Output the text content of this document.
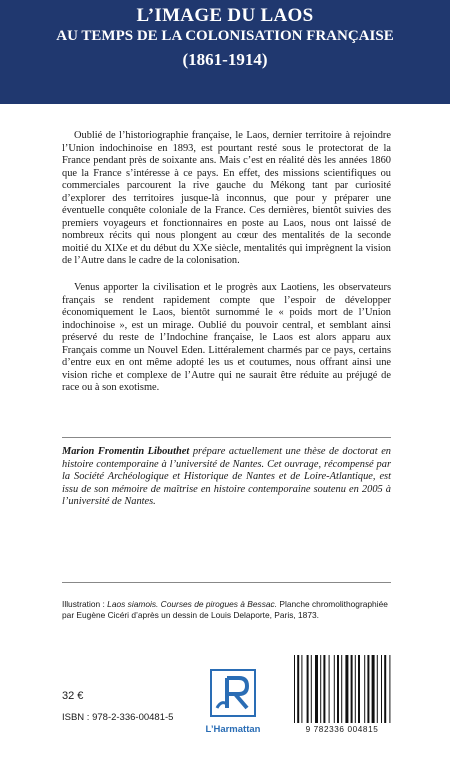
L’IMAGE DU LAOS
AU TEMPS DE LA COLONISATION FRANÇAISE
(1861-1914)

Oublié de l’historiographie française, le Laos, dernier territoire à rejoindre l’Union indochinoise en 1893, est pourtant resté sous le protectorat de la France pendant près de soixante ans. Mais c’est en réalité dès les années 1860 que la France s’intéresse à ce pays. En effet, des missions scientifiques ou commerciales parcourent la rive gauche du Mékong tant par curiosité d’explorer des territoires jusque-là inconnus, que pour y préparer une éventuelle conquête coloniale de la France. Ces dernières, bientôt suivies des premiers voyageurs et fonctionnaires en poste au Laos, nous ont laissé de nombreux récits qui nous plongent au cœur des mentalités de la seconde moitié du XIXe et du début du XXe siècle, mentalités qui imprègnent la vision de l’Autre dans le cadre de la colonisation.

Venus apporter la civilisation et le progrès aux Laotiens, les observateurs français se rendent rapidement compte que l’espoir de développer économiquement le Laos, bientôt surnommé le « poids mort de l’Union indochinoise », est un mirage. Oublié du pouvoir central, et semblant ainsi préservé du reste de l’Indochine française, le Laos est alors apparu aux Français comme un Nouvel Eden. Littéralement charmés par ce pays, certains d’entre eux en ont même adopté les us et coutumes, nous offrant ainsi une vision riche et complexe de l’Autre qui ne saurait être réduite au préjugé de race ou à son exotisme.

Marion Fromentin Libouthet prépare actuellement une thèse de doctorat en histoire contemporaine à l’université de Nantes. Cet ouvrage, récompensé par la Société Archéologique et Historique de Nantes et de Loire-Atlantique, est issu de son mémoire de maîtrise en histoire contemporaine soutenu en 2005 à l’université de Nantes.
Illustration : Laos siamois. Courses de pirogues à Bessac. Planche chromolithographiée par Eugène Cicéri d’après un dessin de Louis Delaporte, Paris, 1873.
32 €
ISBN : 978-2-336-00481-5
L’Harmattan	9 782336 004815
